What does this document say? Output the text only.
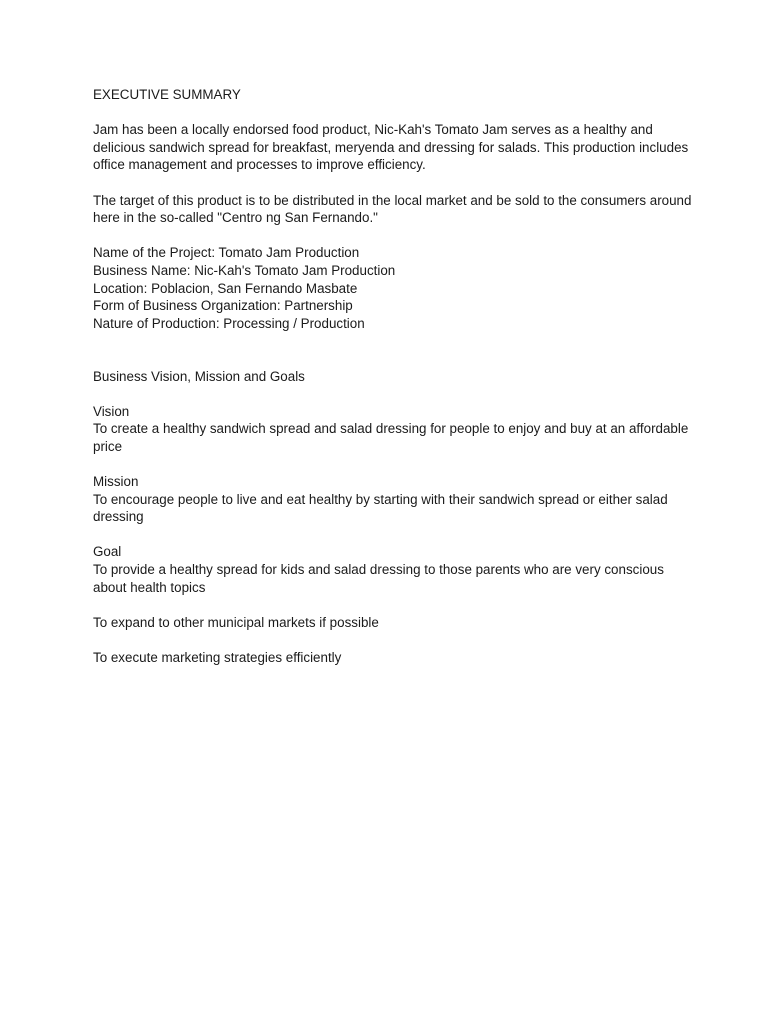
EXECUTIVE SUMMARY

Jam has been a locally endorsed food product, Nic-Kah's Tomato Jam serves as a healthy and delicious sandwich spread for breakfast, meryenda and dressing for salads. This production includes office management and processes to improve efficiency.

The target of this product is to be distributed in the local market and be sold to the consumers around here in the so-called "Centro ng San Fernando."

Name of the Project: Tomato Jam Production

Business Name: Nic-Kah's Tomato Jam Production

Location: Poblacion, San Fernando Masbate

Form of Business Organization: Partnership

Nature of Production: Processing / Production

Business Vision, Mission and Goals

Vision

To create a healthy sandwich spread and salad dressing for people to enjoy and buy at an affordable price

Mission

To encourage people to live and eat healthy by starting with their sandwich spread or either salad dressing

Goal

To provide a healthy spread for kids and salad dressing to those parents who are very conscious about health topics

To expand to other municipal markets if possible

To execute marketing strategies efficiently
